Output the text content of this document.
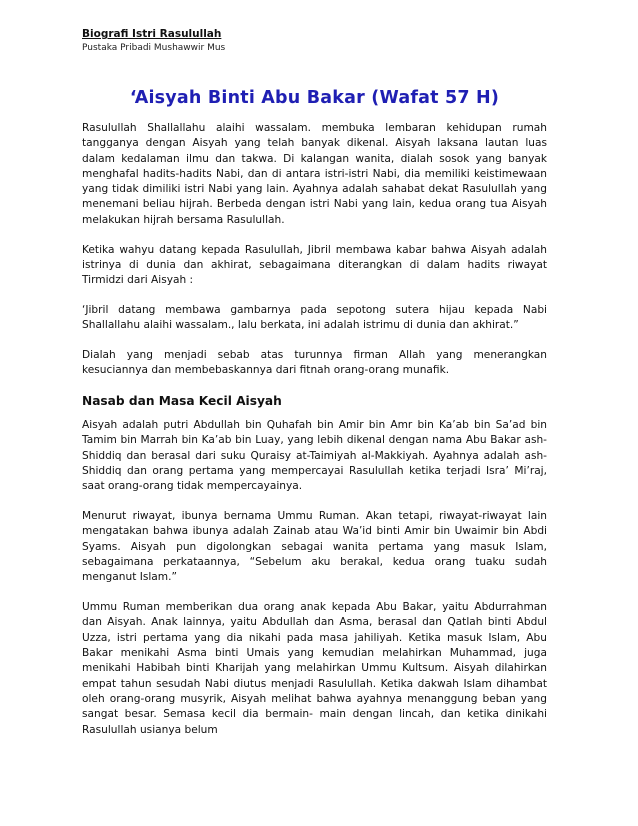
Biografi Istri Rasulullah

Pustaka Pribadi Mushawwir Mus

‘Aisyah Binti Abu Bakar (Wafat 57 H)

Rasulullah Shallallahu alaihi wassalam. membuka lembaran kehidupan rumah tangganya dengan Aisyah yang telah banyak dikenal. Aisyah laksana lautan luas dalam kedalaman ilmu dan takwa. Di kalangan wanita, dialah sosok yang banyak menghafal hadits-hadits Nabi, dan di antara istri-istri Nabi, dia memiliki keistimewaan yang tidak dimiliki istri Nabi yang lain. Ayahnya adalah sahabat dekat Rasulullah yang menemani beliau hijrah. Berbeda dengan istri Nabi yang lain, kedua orang tua Aisyah melakukan hijrah bersama Rasulullah.

Ketika wahyu datang kepada Rasulullah, Jibril membawa kabar bahwa Aisyah adalah istrinya di dunia dan akhirat, sebagaimana diterangkan di dalam hadits riwayat Tirmidzi dari Aisyah :

‘Jibril datang membawa gambarnya pada sepotong sutera hijau kepada Nabi Shallallahu alaihi wassalam., lalu berkata, ini adalah istrimu di dunia dan akhirat.”

Dialah yang menjadi sebab atas turunnya firman Allah yang menerangkan kesuciannya dan membebaskannya dari fitnah orang-orang munafik.

Nasab dan Masa Kecil Aisyah

Aisyah adalah putri Abdullah bin Quhafah bin Amir bin Amr bin Ka’ab bin Sa’ad bin Tamim bin Marrah bin Ka’ab bin Luay, yang lebih dikenal dengan nama Abu Bakar ash-Shiddiq dan berasal dari suku Quraisy at-Taimiyah al-Makkiyah. Ayahnya adalah ash-Shiddiq dan orang pertama yang mempercayai Rasulullah ketika terjadi Isra’ Mi’raj, saat orang-orang tidak mempercayainya.

Menurut riwayat, ibunya bernama Ummu Ruman. Akan tetapi, riwayat-riwayat lain mengatakan bahwa ibunya adalah Zainab atau Wa’id binti Amir bin Uwaimir bin Abdi Syams. Aisyah pun digolongkan sebagai wanita pertama yang masuk Islam, sebagaimana perkataannya, “Sebelum aku berakal, kedua orang tuaku sudah menganut Islam.”

Ummu Ruman memberikan dua orang anak kepada Abu Bakar, yaitu Abdurrahman dan Aisyah. Anak lainnya, yaitu Abdullah dan Asma, berasal dan Qatlah binti Abdul Uzza, istri pertama yang dia nikahi pada masa jahiliyah. Ketika masuk Islam, Abu Bakar menikahi Asma binti Umais yang kemudian melahirkan Muhammad, juga menikahi Habibah binti Kharijah yang melahirkan Ummu Kultsum. Aisyah dilahirkan empat tahun sesudah Nabi diutus menjadi Rasulullah. Ketika dakwah Islam dihambat oleh orang-orang musyrik, Aisyah melihat bahwa ayahnya menanggung beban yang sangat besar. Semasa kecil dia bermain- main dengan lincah, dan ketika dinikahi Rasulullah usianya belum
